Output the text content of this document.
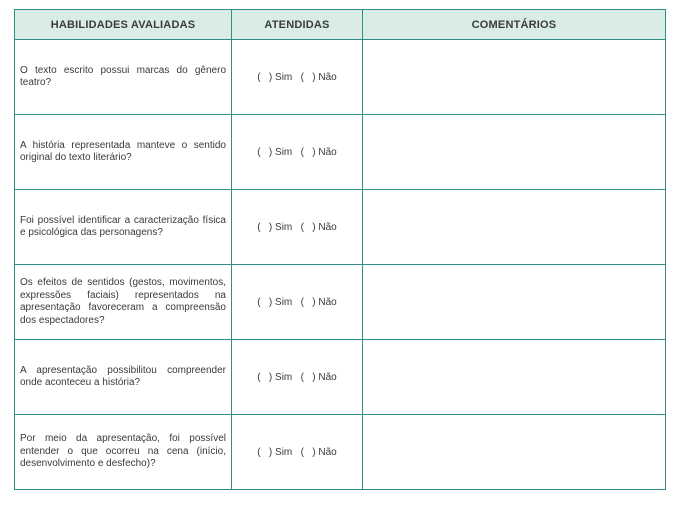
HABILIDADES AVALIADAS	ATENDIDAS	COMENTÁRIOS

O texto escrito possui marcas do gênero teatro?	(   ) Sim (   ) Não	

A história representada manteve o sentido original do texto literário?	(   ) Sim (   ) Não	

Foi possível identificar a caracterização física e psicológica das personagens?	(   ) Sim (   ) Não	

Os efeitos de sentidos (gestos, movimentos, expressões faciais) representados na apresentação favoreceram a compreensão dos espectadores?	(   ) Sim (   ) Não	

A apresentação possibilitou compreender onde aconteceu a história?	(   ) Sim (   ) Não	

Por meio da apresentação, foi possível entender o que ocorreu na cena (início, desenvolvimento e desfecho)?	(   ) Sim (   ) Não	
